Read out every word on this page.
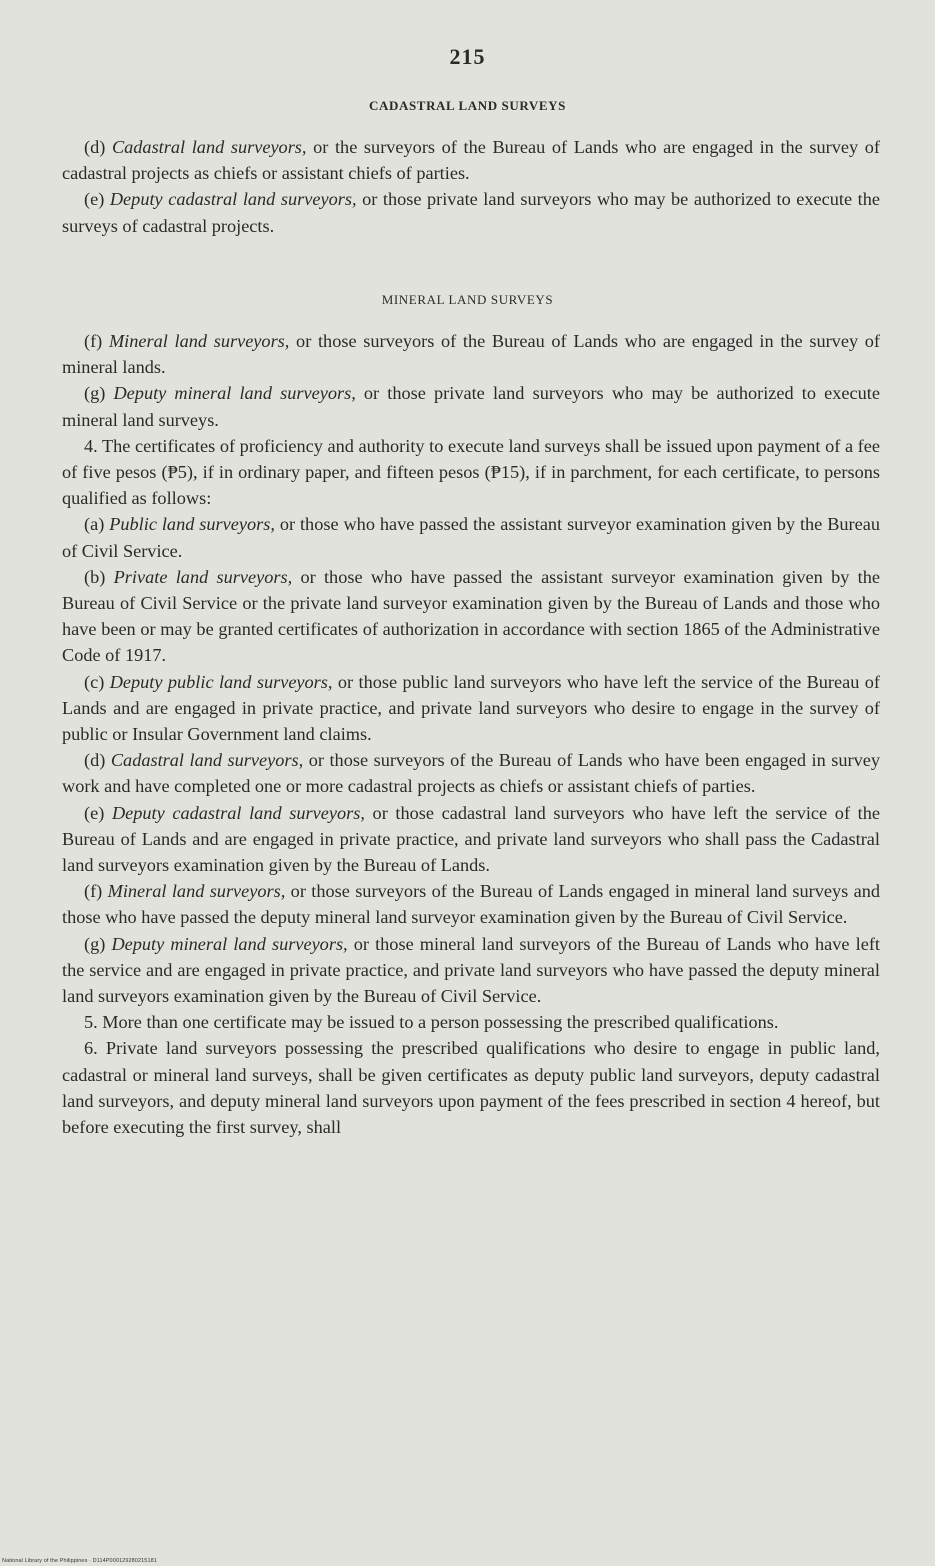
215
CADASTRAL LAND SURVEYS

(d) Cadastral land surveyors, or the surveyors of the Bureau of Lands who are engaged in the survey of cadastral projects as chiefs or assistant chiefs of parties.

(e) Deputy cadastral land surveyors, or those private land surveyors who may be authorized to execute the surveys of cadastral projects.

MINERAL LAND SURVEYS

(f) Mineral land surveyors, or those surveyors of the Bureau of Lands who are engaged in the survey of mineral lands.

(g) Deputy mineral land surveyors, or those private land surveyors who may be authorized to execute mineral land surveys.

4. The certificates of proficiency and authority to execute land surveys shall be issued upon payment of a fee of five pesos (₱5), if in ordinary paper, and fifteen pesos (₱15), if in parchment, for each certificate, to persons qualified as follows:

(a) Public land surveyors, or those who have passed the assistant surveyor examination given by the Bureau of Civil Service.

(b) Private land surveyors, or those who have passed the assistant surveyor examination given by the Bureau of Civil Service or the private land surveyor examination given by the Bureau of Lands and those who have been or may be granted certificates of authorization in accordance with section 1865 of the Administrative Code of 1917.

(c) Deputy public land surveyors, or those public land surveyors who have left the service of the Bureau of Lands and are engaged in private practice, and private land surveyors who desire to engage in the survey of public or Insular Government land claims.

(d) Cadastral land surveyors, or those surveyors of the Bureau of Lands who have been engaged in survey work and have completed one or more cadastral projects as chiefs or assistant chiefs of parties.

(e) Deputy cadastral land surveyors, or those cadastral land surveyors who have left the service of the Bureau of Lands and are engaged in private practice, and private land surveyors who shall pass the Cadastral land surveyors examination given by the Bureau of Lands.

(f) Mineral land surveyors, or those surveyors of the Bureau of Lands engaged in mineral land surveys and those who have passed the deputy mineral land surveyor examination given by the Bureau of Civil Service.

(g) Deputy mineral land surveyors, or those mineral land surveyors of the Bureau of Lands who have left the service and are engaged in private practice, and private land surveyors who have passed the deputy mineral land surveyors examination given by the Bureau of Civil Service.

5. More than one certificate may be issued to a person possessing the prescribed qualifications.

6. Private land surveyors possessing the prescribed qualifications who desire to engage in public land, cadastral or mineral land surveys, shall be given certificates as deputy public land surveyors, deputy cadastral land surveyors, and deputy mineral land surveyors upon payment of the fees prescribed in section 4 hereof, but before executing the first survey, shall

National Library of the Philippines · D114P000129280215181
